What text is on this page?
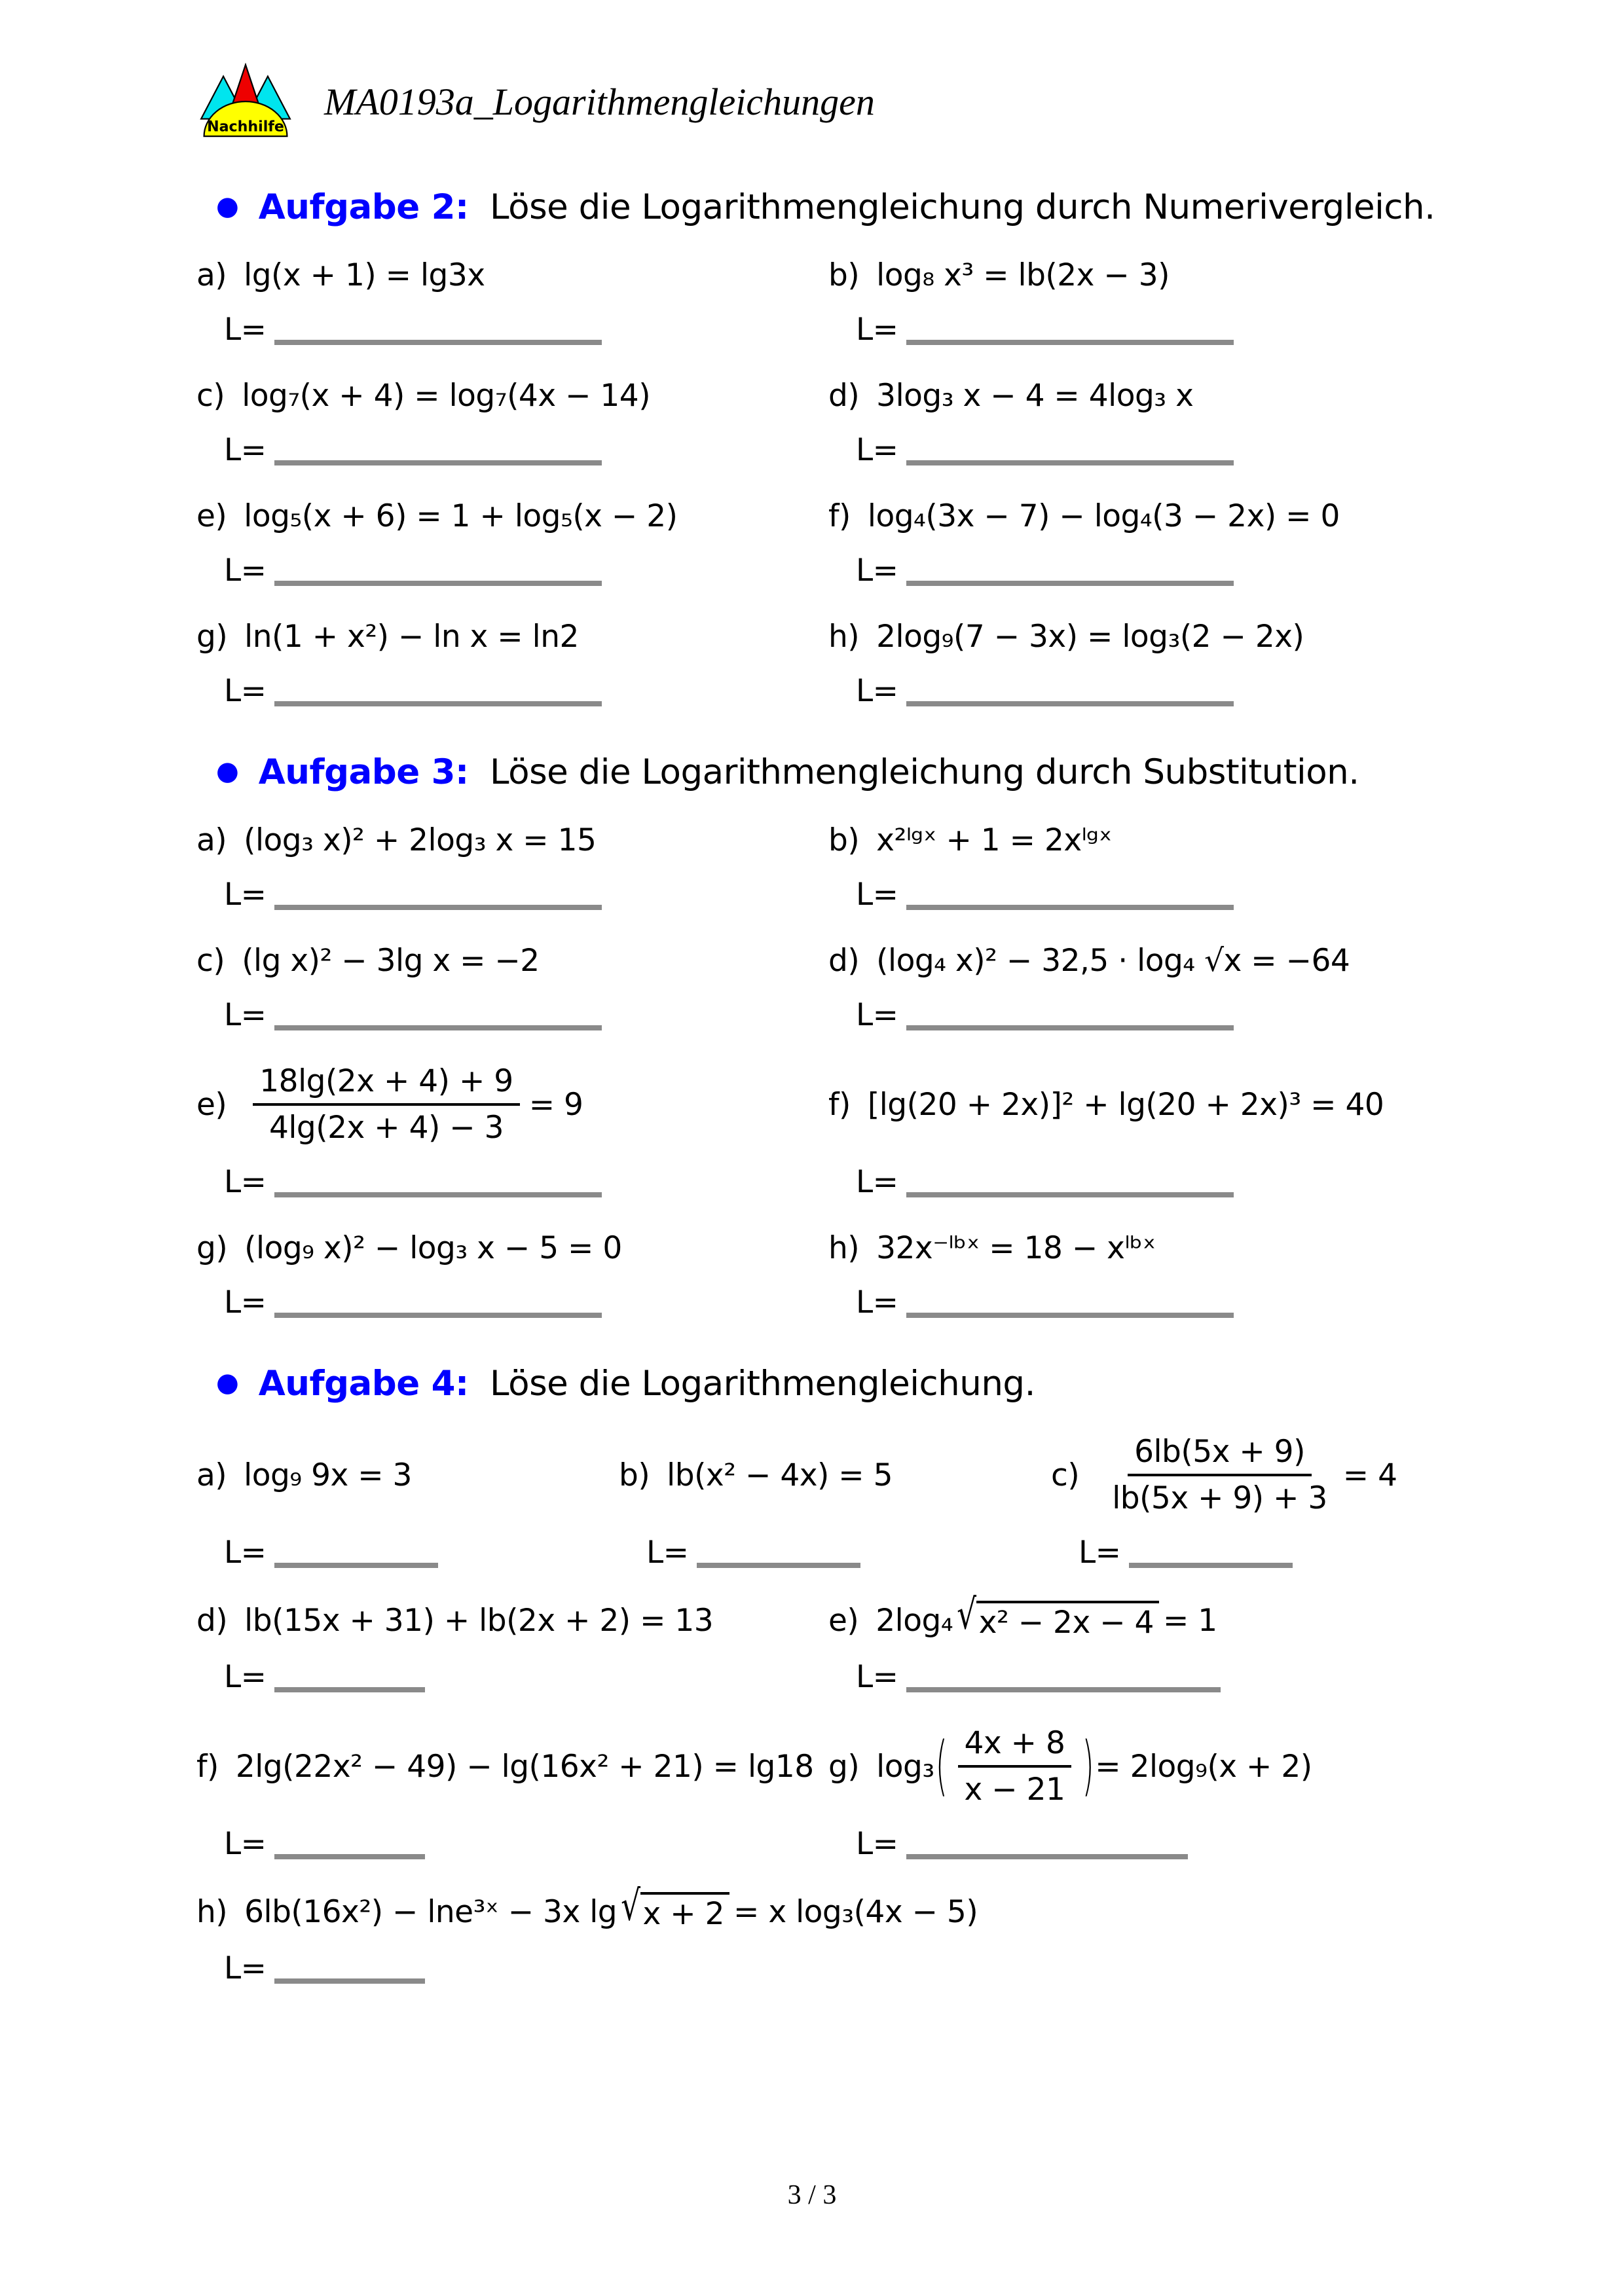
Nachhilfe
MA0193a_Logarithmengleichungen
● Aufgabe 2: Löse die Logarithmengleichung durch Numerivergleich.
a) lg(x + 1) = lg3x	b) log₈ x³ = lb(2x − 3)
L=	L=
c) log₇(x + 4) = log₇(4x − 14)	d) 3log₃ x − 4 = 4log₃ x
L=	L=
e) log₅(x + 6) = 1 + log₅(x − 2)	f) log₄(3x − 7) − log₄(3 − 2x) = 0
L=	L=
g) ln(1 + x²) − ln x = ln2	h) 2log₉(7 − 3x) = log₃(2 − 2x)
L=	L=
● Aufgabe 3: Löse die Logarithmengleichung durch Substitution.
a) (log₃ x)² + 2log₃ x = 15	b) x²ˡᵍˣ + 1 = 2xˡᵍˣ
L=	L=
c) (lg x)² − 3lg x = −2	d) (log₄ x)² − 32,5 · log₄ √x = −64
L=	L=
$e) \frac{18\lg(2x + 4) + 9}{4\lg(2x + 4) - 3} = 9$	f) [lg(20 + 2x)]² + lg(20 + 2x)³ = 40
L=	L=
g) (log₉ x)² − log₃ x − 5 = 0	h) 32x⁻ˡᵇˣ = 18 − xˡᵇˣ
L=	L=
● Aufgabe 4: Löse die Logarithmengleichung.
a) log₉ 9x = 3	b) lb(x² − 4x) = 5	$c) \frac{6lb(5x + 9)}{lb(5x + 9) + 3} = 4$
L=	L=	L=
d) lb(15x + 31) + lb(2x + 2) = 13	e) 2log₄ √ x² − 2x − 4 = 1
L=	L=
f) 2lg(22x² − 49) − lg(16x² + 21) = lg18 g) log₃ ( $\frac{4x + 8}{x - 21}$ ) = 2log₉(x + 2)
L=	L=
h) 6lb(16x²) − lne³ˣ − 3x lg √ x + 2 = x log₃(4x − 5)
L=
3 / 3
